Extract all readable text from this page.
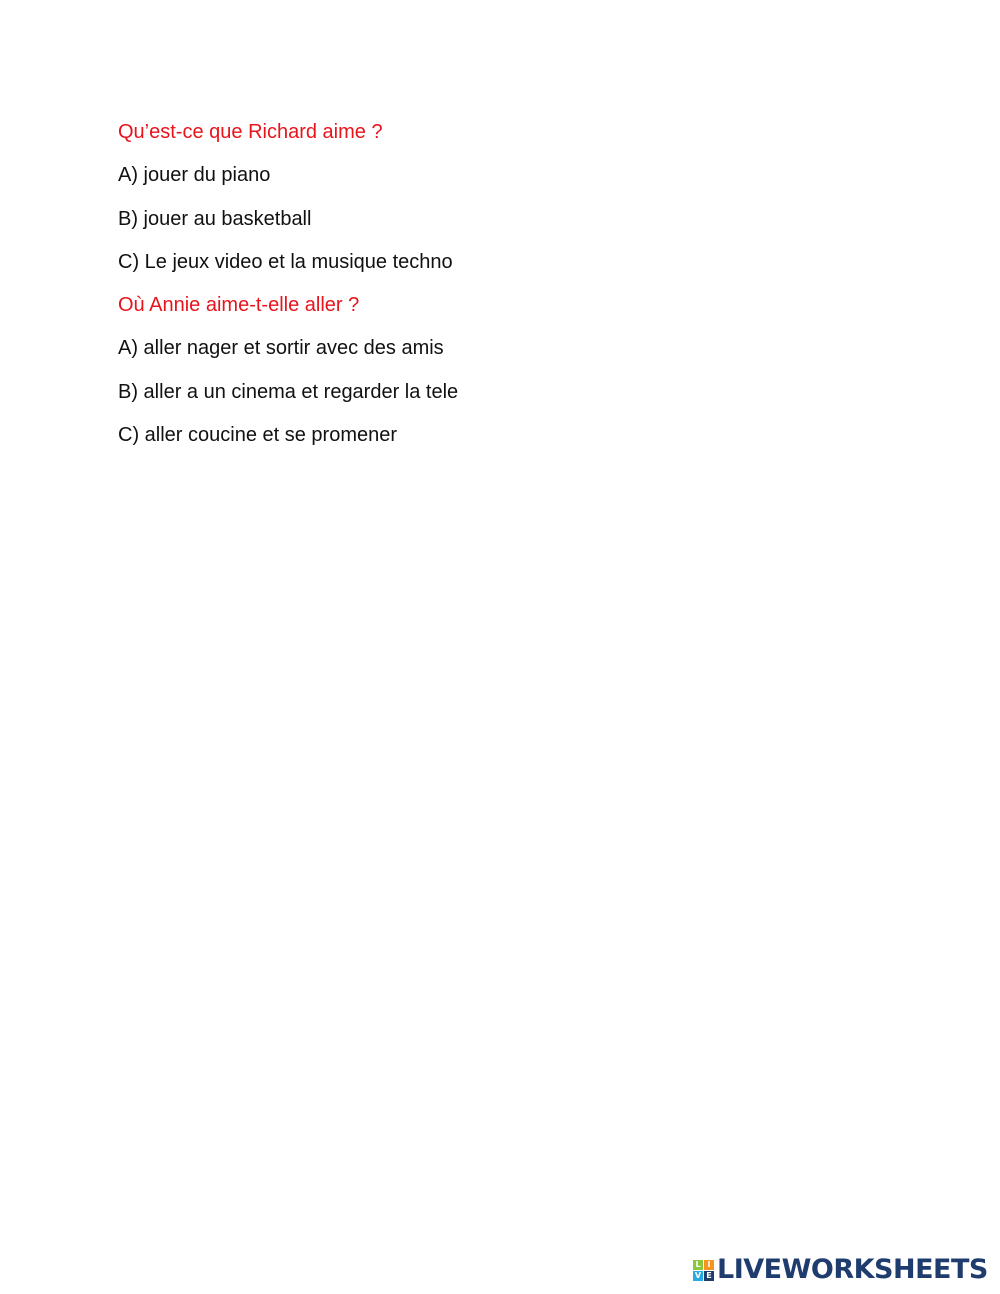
Qu’est-ce que Richard aime ?

A) jouer du piano

B) jouer au basketball

C) Le jeux video et la musique techno

Où Annie aime-t-elle aller ?

A) aller nager et sortir avec des amis

B) aller a un cinema et regarder la tele

C) aller coucine et se promener

L I
V E LIVEWORKSHEETS
